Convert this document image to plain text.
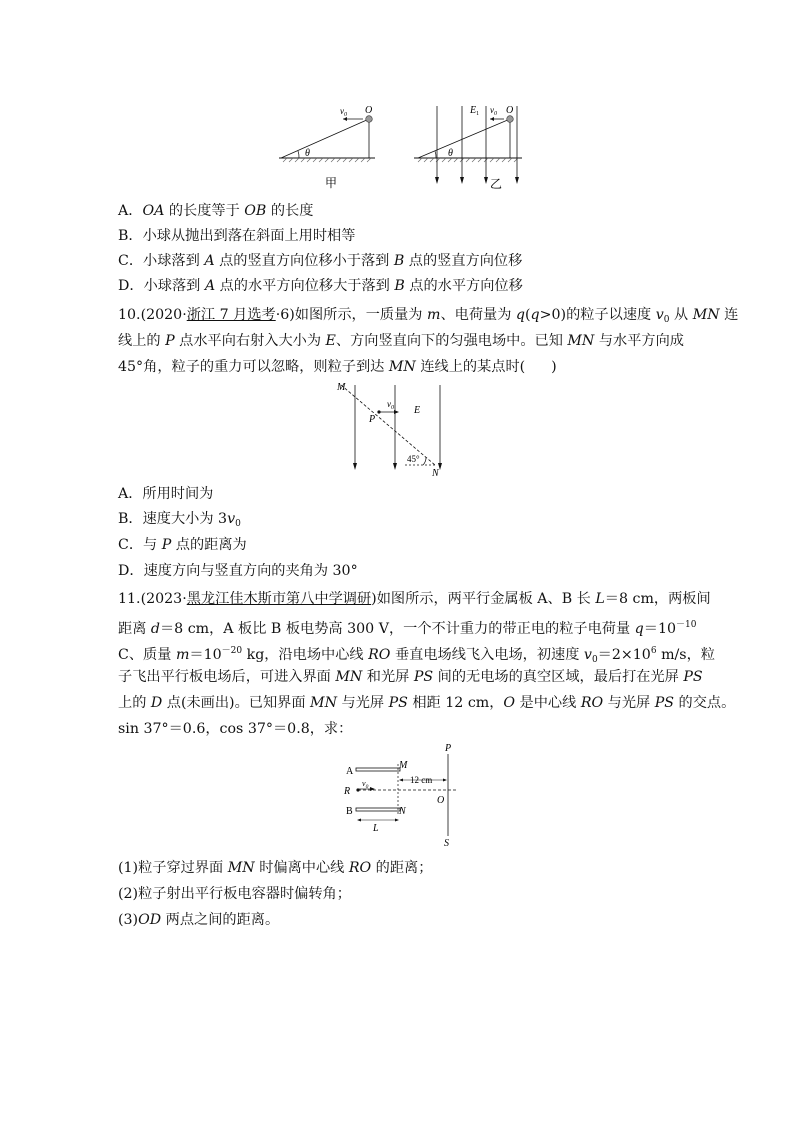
$v_0$ O
θ
甲
$E_1$ $v_0$ O
θ
乙
A．OA 的长度等于 OB 的长度
B．小球从抛出到落在斜面上用时相等
C．小球落到 A 点的竖直方向位移小于落到 B 点的竖直方向位移
D．小球落到 A 点的水平方向位移大于落到 B 点的水平方向位移
10.(2020·浙江 7 月选考·6)如图所示，一质量为 m、电荷量为 q(q>0)的粒子以速度 $v_0$ 从 MN 连
线上的 P 点水平向右射入大小为 E、方向竖直向下的匀强电场中。已知 MN 与水平方向成
45°角，粒子的重力可以忽略，则粒子到达 MN 连线上的某点时( )
M
P
$v_0$ E
45°
N
A．所用时间为
B．速度大小为 $3v_0$
C．与 P 点的距离为
D．速度方向与竖直方向的夹角为 30°
11.(2023·黑龙江佳木斯市第八中学调研)如图所示，两平行金属板 A、B 长 L＝8 cm，两板间
距离 d＝8 cm，A 板比 B 板电势高 300 V，一个不计重力的带正电的粒子电荷量 $q=10^{-10}$
C、质量 $m=10^{-20}$ kg，沿电场中心线 RO 垂直电场线飞入电场，初速度 $v_0=2\times 10^6$ m/s，粒
子飞出平行板电场后，可进入界面 MN 和光屏 PS 间的无电场的真空区域，最后打在光屏 PS
上的 D 点(未画出)。已知界面 MN 与光屏 PS 相距 12 cm，O 是中心线 RO 与光屏 PS 的交点。
sin 37°＝0.6，cos 37°＝0.8，求：
P
A
M
12 cm
R
$v_0$
O
B	N
L
S
(1)粒子穿过界面 MN 时偏离中心线 RO 的距离；
(2)粒子射出平行板电容器时偏转角；
(3)OD 两点之间的距离。
